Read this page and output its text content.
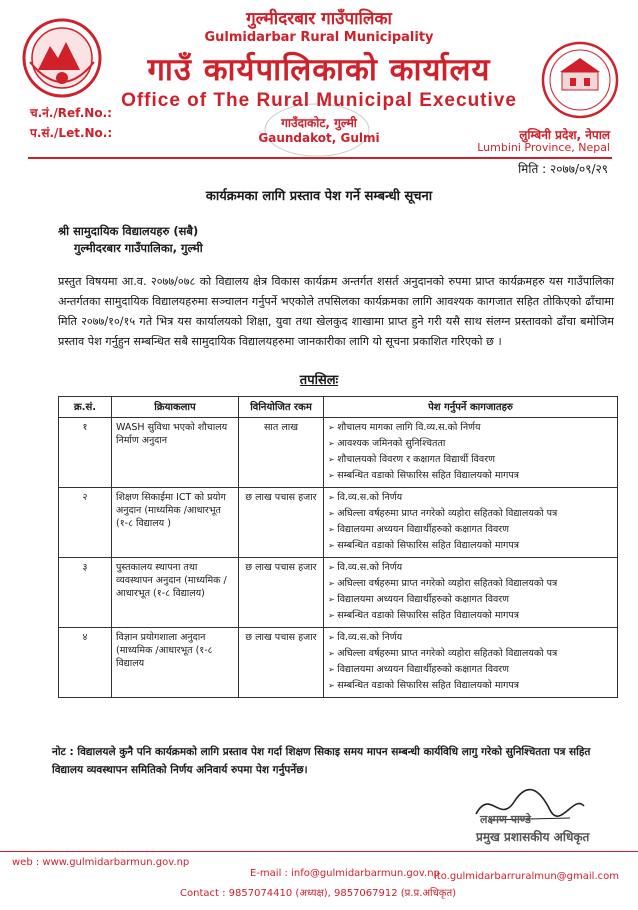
गुल्मीदरबार गाउँपालिका
Gulmidarbar Rural Municipality
गाउँ कार्यपालिकाको कार्यालय
Office of The Rural Municipal Executive
गाउँदाकोट, गुल्मी
Gaundakot, Gulmi
च.नं./Ref.No.:
प.सं./Let.No.:	लुम्बिनी प्रदेश, नेपाल
Lumbini Province, Nepal
मिति : २०७७/०९/२९
कार्यक्रमका लागि प्रस्ताव पेश गर्ने सम्बन्धी सूचना
श्री सामुदायिक विद्यालयहरु (सबै)
गुल्मीदरबार गाउँपालिका, गुल्मी
प्रस्तुत विषयमा आ.व. २०७७/०७८ को विद्यालय क्षेत्र विकास कार्यक्रम अन्तर्गत शसर्त अनुदानको रुपमा प्राप्त कार्यक्रमहरु यस गाउँपालिका अन्तर्गतका सामुदायिक विद्यालयहरुमा सञ्चालन गर्नुपर्ने भएकोले तपसिलका कार्यक्रमका लागि आवश्यक कागजात सहित तोकिएको ढाँचामा मिति २०७७/१०/१५ गते भित्र यस कार्यालयको शिक्षा, युवा तथा खेलकुद शाखामा प्राप्त हुने गरी यसै साथ संलग्न प्रस्तावको ढाँचा बमोजिम प्रस्ताव पेश गर्नुहुन सम्बन्धित सबै सामुदायिक विद्यालयहरुमा जानकारीका लागि यो सूचना प्रकाशित गरिएको छ ।
तपसिलः
क्र.सं.	क्रियाकलाप	विनियोजित रकम	पेश गर्नुपर्ने कागजातहरु
१	WASH सुविधा भएको शौचालय निर्माण अनुदान	सात लाख	➢ शौचालय मागका लागि वि.व्य.स.को निर्णय
➢ आवश्यक जमिनको सुनिश्चितता
➢ शौचालयको विवरण र कक्षागत विद्यार्थी विवरण
➢ सम्बन्धित वडाको सिफारिस सहित विद्यालयको मागपत्र

२	शिक्षण सिकाईमा ICT को प्रयोग अनुदान (माध्यमिक /आधारभूत (१-८ विद्यालय )	छ लाख पचास हजार	➢ वि.व्य.स.को निर्णय
➢ अघिल्ला वर्षहरुमा प्राप्त नगरेको व्यहोरा सहितको विद्यालयको पत्र
➢ विद्यालयमा अध्ययन विद्यार्थीहरुको कक्षागत विवरण
➢ सम्बन्धित वडाको सिफारिस सहित विद्यालयको मागपत्र

३	पुस्तकालय स्थापना तथा व्यवस्थापन अनुदान (माध्यमिक /आधारभूत (१-८ विद्यालय)	छ लाख पचास हजार	➢ वि.व्य.स.को निर्णय
➢ अघिल्ला वर्षहरुमा प्राप्त नगरेको व्यहोरा सहितको विद्यालयको पत्र
➢ विद्यालयमा अध्ययन विद्यार्थीहरुको कक्षागत विवरण
➢ सम्बन्धित वडाको सिफारिस सहित विद्यालयको मागपत्र

४	विज्ञान प्रयोगशाला अनुदान (माध्यमिक /आधारभूत (१-८ विद्यालय	छ लाख पचास हजार	➢ वि.व्य.स.को निर्णय
➢ अघिल्ला वर्षहरुमा प्राप्त नगरेको व्यहोरा सहितको विद्यालयको पत्र
➢ विद्यालयमा अध्ययन विद्यार्थीहरुको कक्षागत विवरण
➢ सम्बन्धित वडाको सिफारिस सहित विद्यालयको मागपत्र
नोट : विद्यालयले कुनै पनि कार्यक्रमको लागि प्रस्ताव पेश गर्दा शिक्षण सिकाइ समय मापन सम्बन्धी कार्यविधि लागु गरेको सुनिश्चितता पत्र सहित विद्यालय व्यवस्थापन समितिको निर्णय अनिवार्य रुपमा पेश गर्नुपर्नेछ।
लक्ष्मण पाण्डे
प्रमुख प्रशासकीय अधिकृत
web : www.gulmidarbarmun.gov.np
E-mail : info@gulmidarbarmun.gov.np
ito.gulmidarbarruralmun@gmail.com
Contact : 9857074410 (अध्यक्ष), 9857067912 (प्र.प्र.अधिकृत)
